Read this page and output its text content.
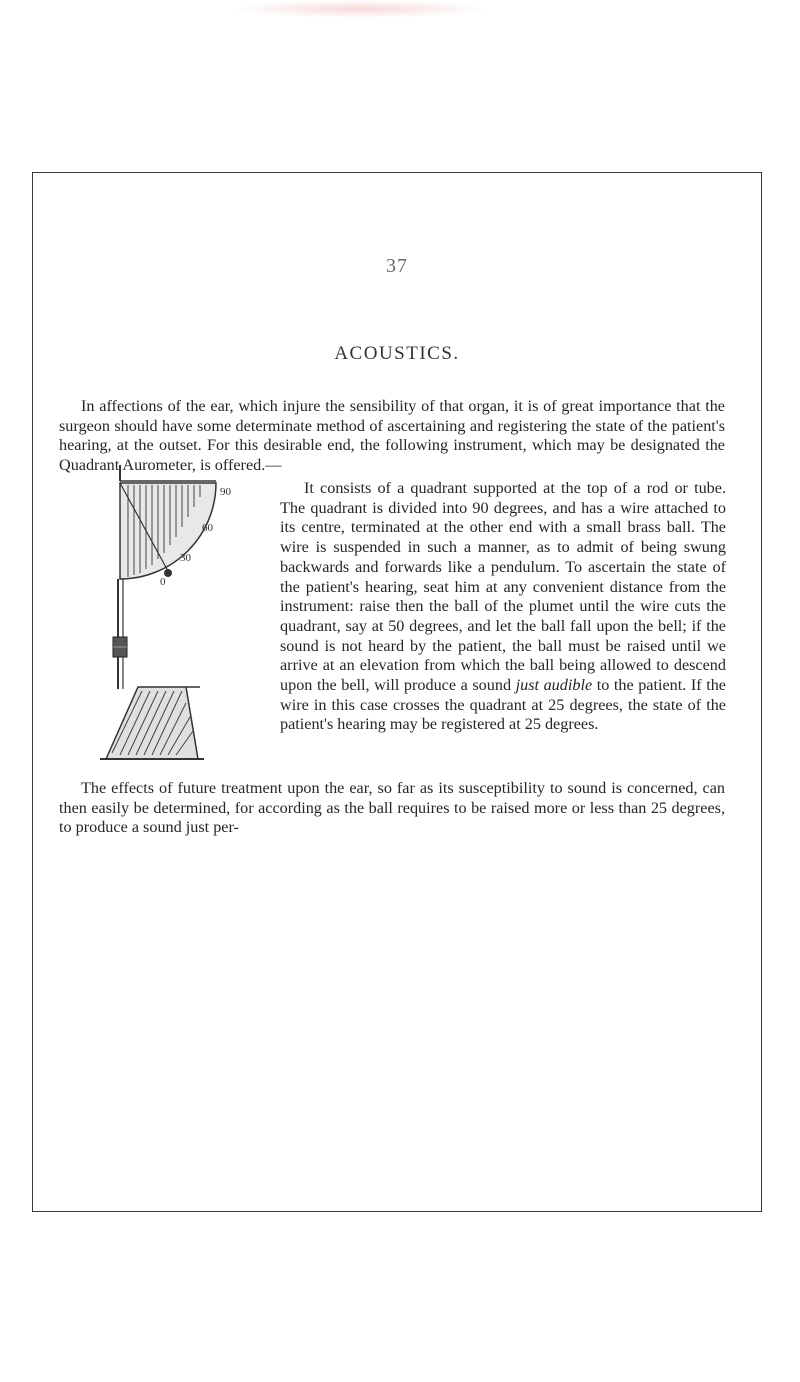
37
ACOUSTICS.

In affections of the ear, which injure the sensibility of that organ, it is of great importance that the surgeon should have some determinate method of ascertaining and registering the state of the patient's hearing, at the outset. For this desirable end, the following instrument, which may be designated the Quadrant Aurometer, is offered.—

90
60
30
0

It consists of a quadrant supported at the top of a rod or tube. The quadrant is divided into 90 degrees, and has a wire attached to its centre, terminated at the other end with a small brass ball. The wire is suspended in such a manner, as to admit of being swung backwards and forwards like a pendulum. To ascertain the state of the patient's hearing, seat him at any convenient distance from the instrument: raise then the ball of the plumet until the wire cuts the quadrant, say at 50 degrees, and let the ball fall upon the bell; if the sound is not heard by the patient, the ball must be raised until we arrive at an elevation from which the ball being allowed to descend upon the bell, will produce a sound just audible to the patient. If the wire in this case crosses the quadrant at 25 degrees, the state of the patient's hearing may be registered at 25 degrees.

The effects of future treatment upon the ear, so far as its susceptibility to sound is concerned, can then easily be determined, for according as the ball requires to be raised more or less than 25 degrees, to produce a sound just per-
